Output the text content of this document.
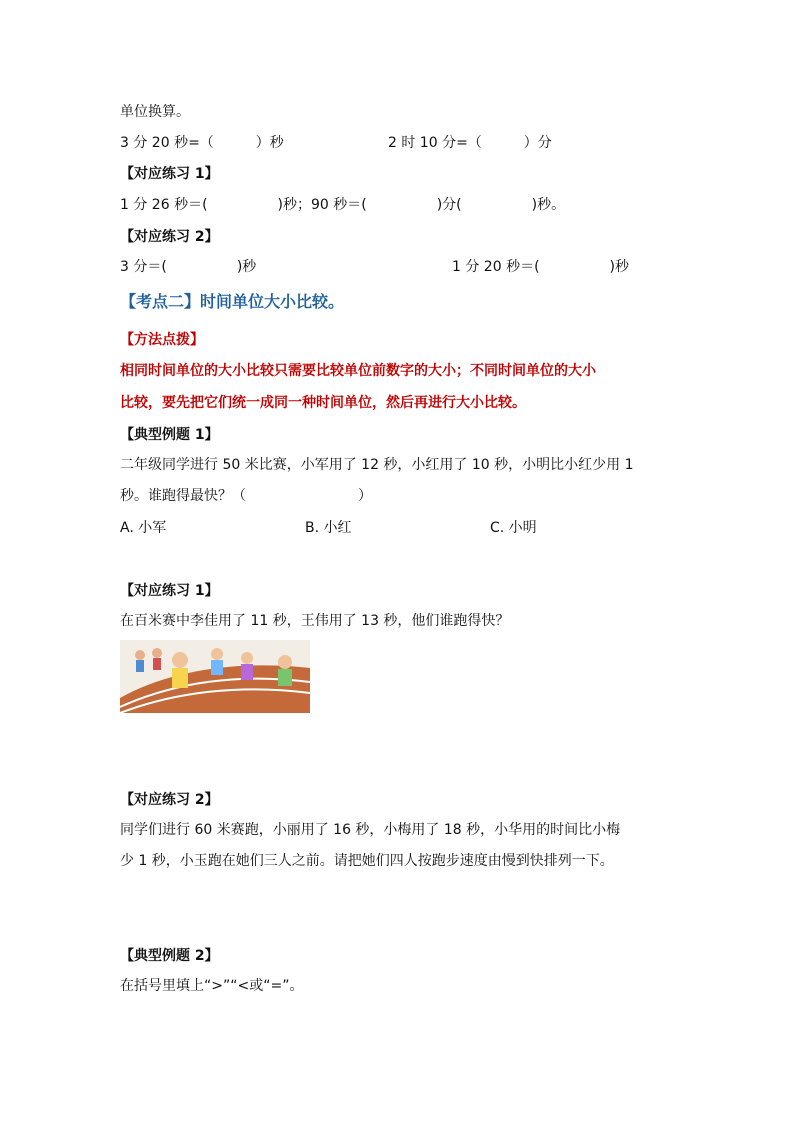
单位换算。
3 分 20 秒=（　　　）秒	2 时 10 分=（　　　）分
【对应练习 1】
1 分 26 秒＝(　　　　　)秒；90 秒＝(　　　　　)分(　　　　　)秒。
【对应练习 2】
3 分＝(　　　　　)秒	1 分 20 秒＝(　　　　　)秒
【考点二】时间单位大小比较。
【方法点拨】
相同时间单位的大小比较只需要比较单位前数字的大小；不同时间单位的大小
比较，要先把它们统一成同一种时间单位，然后再进行大小比较。
【典型例题 1】
二年级同学进行 50 米比赛，小军用了 12 秒，小红用了 10 秒，小明比小红少用 1
秒。谁跑得最快？（　　　　　　　　）
A. 小军	B. 小红	C. 小明
【对应练习 1】
在百米赛中李佳用了 11 秒，王伟用了 13 秒，他们谁跑得快？
【对应练习 2】
同学们进行 60 米赛跑，小丽用了 16 秒，小梅用了 18 秒，小华用的时间比小梅
少 1 秒，小玉跑在她们三人之前。请把她们四人按跑步速度由慢到快排列一下。
【典型例题 2】
在括号里填上“>”“<或“=”。
